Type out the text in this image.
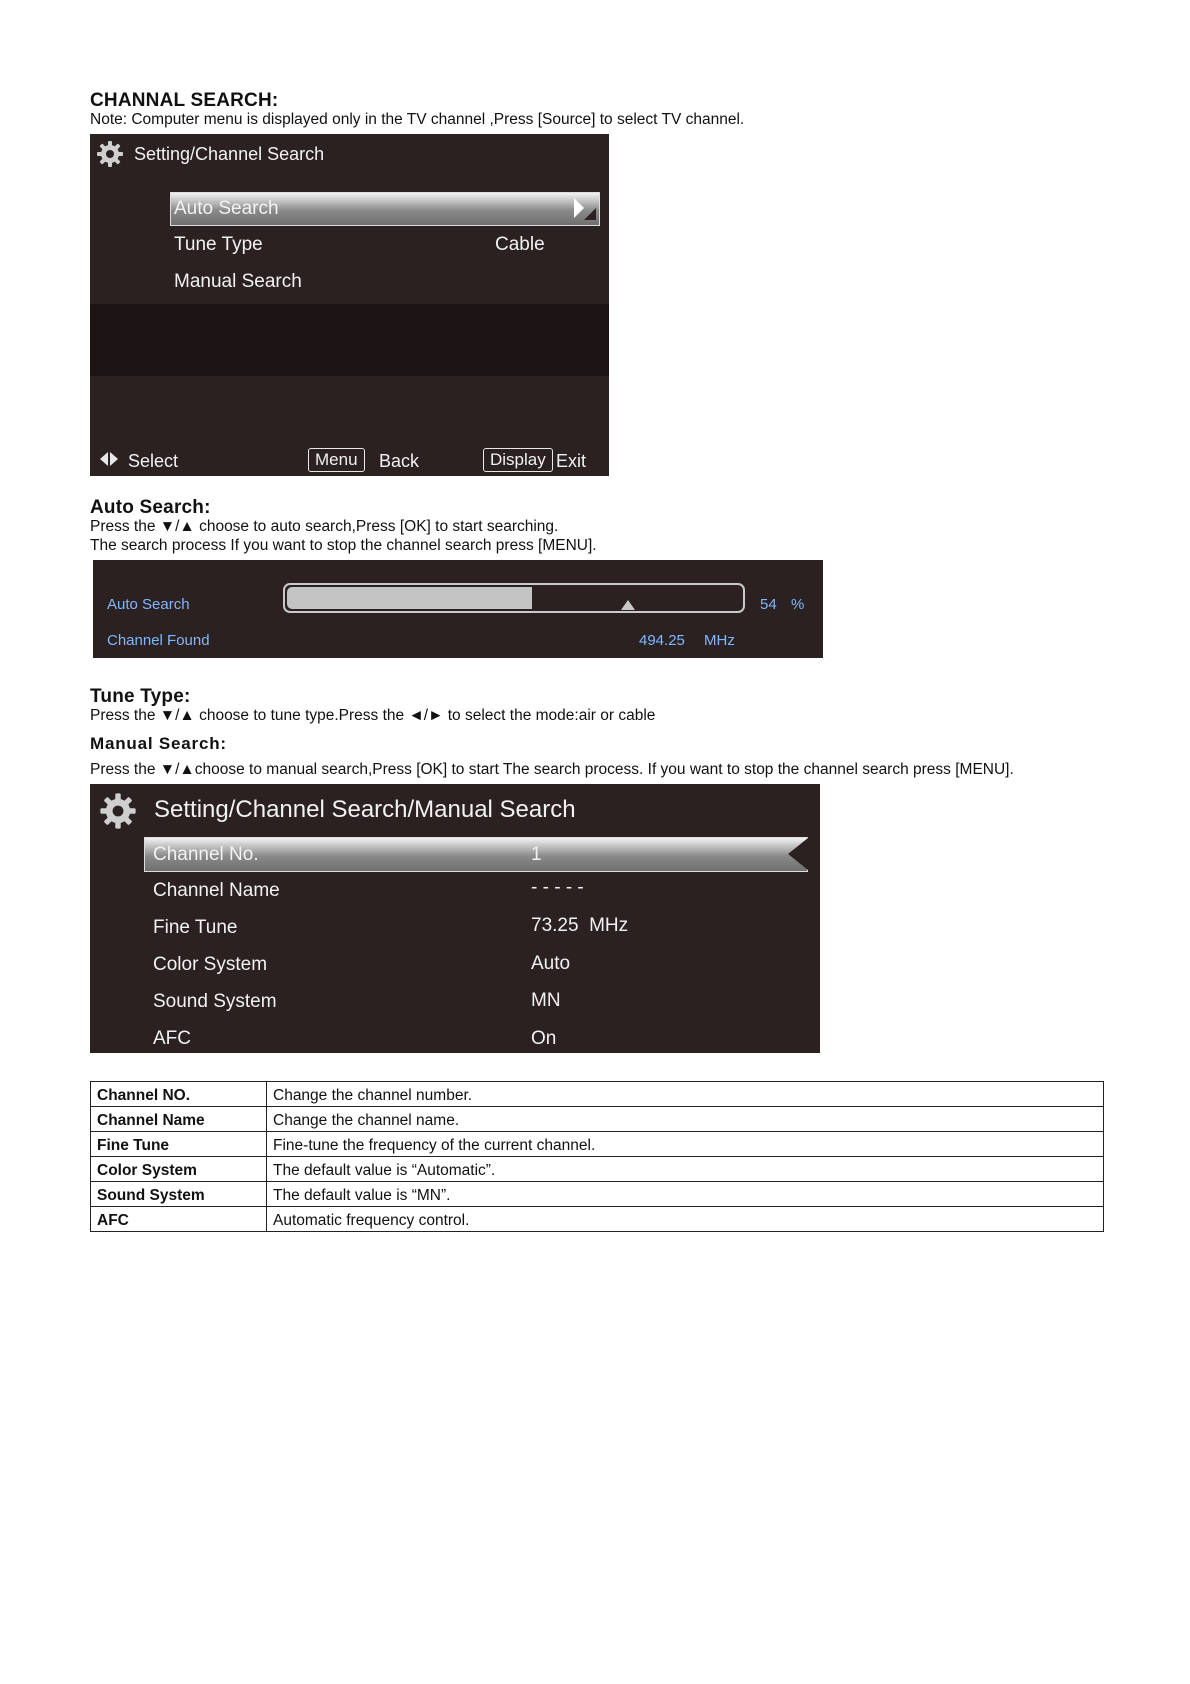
CHANNAL SEARCH:
Note: Computer menu is displayed only in the TV channel ,Press [Source] to select TV channel.
Setting/Channel Search
Auto Search
Tune Type	Cable
Manual Search
Select	Menu	Back	Display Exit
Auto Search:
Press the ▼/▲ choose to auto search,Press [OK] to start searching.
The search process If you want to stop the channel search press [MENU].
Auto Search	54 %
Channel Found	494.25 MHz
Tune Type:
Press the ▼/▲ choose to tune type.Press the ◄/► to select the mode:air or cable
Manual Search:
Press the ▼/▲choose to manual search,Press [OK] to start The search process. If you want to stop the channel search press [MENU].
Setting/Channel Search/Manual Search
Channel No.	1
Channel Name	- - - - -
Fine Tune	73.25  MHz
Color System	Auto
Sound System	MN
AFC	On
Channel NO.	Change the channel number.
Channel Name	Change the channel name.
Fine Tune	Fine-tune the frequency of the current channel.
Color System	The default value is “Automatic”.
Sound System	The default value is “MN”.
AFC	Automatic frequency control.
